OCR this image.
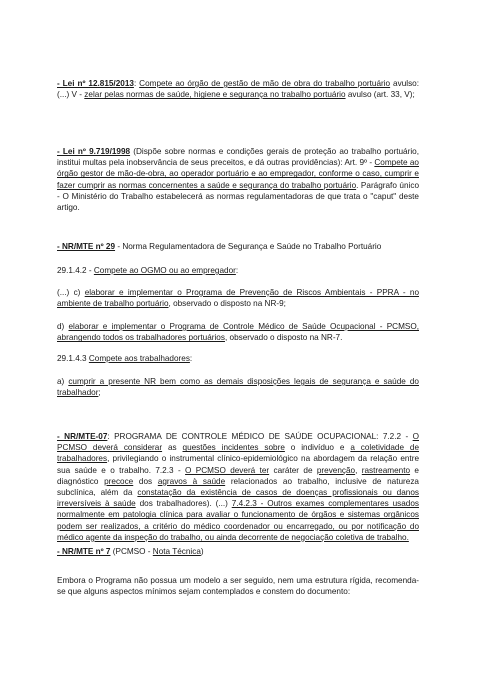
- Lei nº 12.815/2013: Compete ao órgão de gestão de mão de obra do trabalho portuário avulso: (...) V - zelar pelas normas de saúde, higiene e segurança no trabalho portuário avulso (art. 33, V);

- Lei nº 9.719/1998 (Dispõe sobre normas e condições gerais de proteção ao trabalho portuário, institui multas pela inobservância de seus preceitos, e dá outras providências): Art. 9º - Compete ao órgão gestor de mão-de-obra, ao operador portuário e ao empregador, conforme o caso, cumprir e fazer cumprir as normas concernentes a saúde e segurança do trabalho portuário. Parágrafo único - O Ministério do Trabalho estabelecerá as normas regulamentadoras de que trata o "caput" deste artigo.

- NR/MTE nº 29 - Norma Regulamentadora de Segurança e Saúde no Trabalho Portuário

29.1.4.2 - Compete ao OGMO ou ao empregador:

(...) c) elaborar e implementar o Programa de Prevenção de Riscos Ambientais - PPRA - no ambiente de trabalho portuário, observado o disposto na NR-9;

d) elaborar e implementar o Programa de Controle Médico de Saúde Ocupacional - PCMSO, abrangendo todos os trabalhadores portuários, observado o disposto na NR-7.

29.1.4.3 Compete aos trabalhadores:

a) cumprir a presente NR bem como as demais disposições legais de segurança e saúde do trabalhador;

- NR/MTE-07: PROGRAMA DE CONTROLE MÉDICO DE SAÚDE OCUPACIONAL: 7.2.2 - O PCMSO deverá considerar as questões incidentes sobre o indivíduo e a coletividade de trabalhadores, privilegiando o instrumental clínico-epidemiológico na abordagem da relação entre sua saúde e o trabalho. 7.2.3 - O PCMSO deverá ter caráter de prevenção, rastreamento e diagnóstico precoce dos agravos à saúde relacionados ao trabalho, inclusive de natureza subclínica, além da constatação da existência de casos de doenças profissionais ou danos irreversíveis à saúde dos trabalhadores). (...) 7.4.2.3 - Outros exames complementares usados normalmente em patologia clínica para avaliar o funcionamento de órgãos e sistemas orgânicos podem ser realizados, a critério do médico coordenador ou encarregado, ou por notificação do médico agente da inspeção do trabalho, ou ainda decorrente de negociação coletiva de trabalho.

- NR/MTE nº 7 (PCMSO - Nota Técnica)

Embora o Programa não possua um modelo a ser seguido, nem uma estrutura rígida, recomenda-se que alguns aspectos mínimos sejam contemplados e constem do documento:
